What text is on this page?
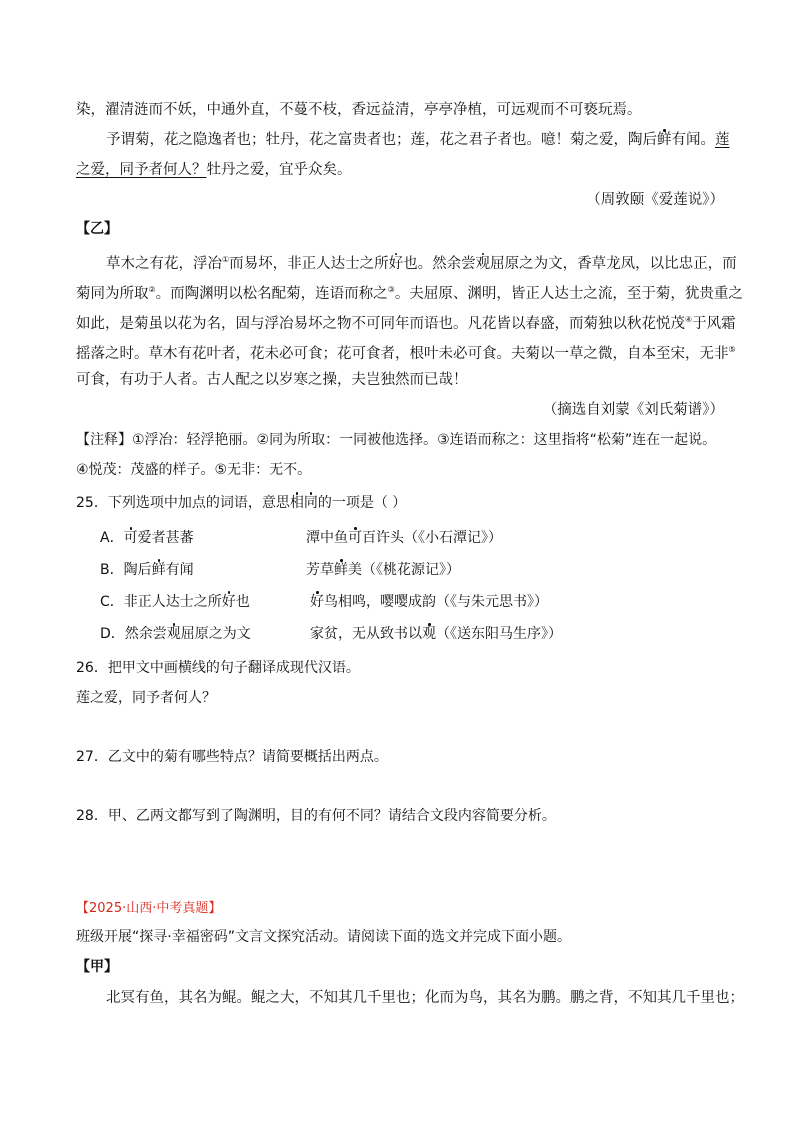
染，濯清涟而不妖，中通外直，不蔓不枝，香远益清，亭亭净植，可远观而不可亵玩焉。
予谓菊，花之隐逸者也；牡丹，花之富贵者也；莲，花之君子者也。噫！菊之爱，陶后鲜有闻。莲
之爱，同予者何人？牡丹之爱，宜乎众矣。
（周敦颐《爱莲说》）
【乙】
草木之有花，浮冶①而易坏，非正人达士之所好也。然余尝观屈原之为文，香草龙凤，以比忠正，而
菊同为所取②。而陶渊明以松名配菊，连语而称之③。夫屈原、渊明，皆正人达士之流，至于菊，犹贵重之
如此，是菊虽以花为名，固与浮冶易坏之物不可同年而语也。凡花皆以春盛，而菊独以秋花悦茂④于风霜
摇落之时。草木有花叶者，花未必可食；花可食者，根叶未必可食。夫菊以一草之微，自本至宋，无非⑤
可食，有功于人者。古人配之以岁寒之操，夫岂独然而已哉！
（摘选自刘蒙《刘氏菊谱》）
【注释】①浮冶：轻浮艳丽。②同为所取：一同被他选择。③连语而称之：这里指将“松菊”连在一起说。
④悦茂：茂盛的样子。⑤无非：无不。
25．下列选项中加点的词语，意思相同的一项是（ ）
A．可爱者甚蕃	潭中鱼可百许头（《小石潭记》）
B．陶后鲜有闻	芳草鲜美（《桃花源记》）
C．非正人达士之所好也	好鸟相鸣，嘤嘤成韵（《与朱元思书》）
D．然余尝观屈原之为文	家贫，无从致书以观（《送东阳马生序》）
26．把甲文中画横线的句子翻译成现代汉语。
莲之爱，同予者何人？
27．乙文中的菊有哪些特点？请简要概括出两点。
28．甲、乙两文都写到了陶渊明，目的有何不同？请结合文段内容简要分析。
【2025·山西·中考真题】
班级开展“探寻·幸福密码”文言文探究活动。请阅读下面的选文并完成下面小题。
【甲】
北冥有鱼，其名为鲲。鲲之大，不知其几千里也；化而为鸟，其名为鹏。鹏之背，不知其几千里也；
